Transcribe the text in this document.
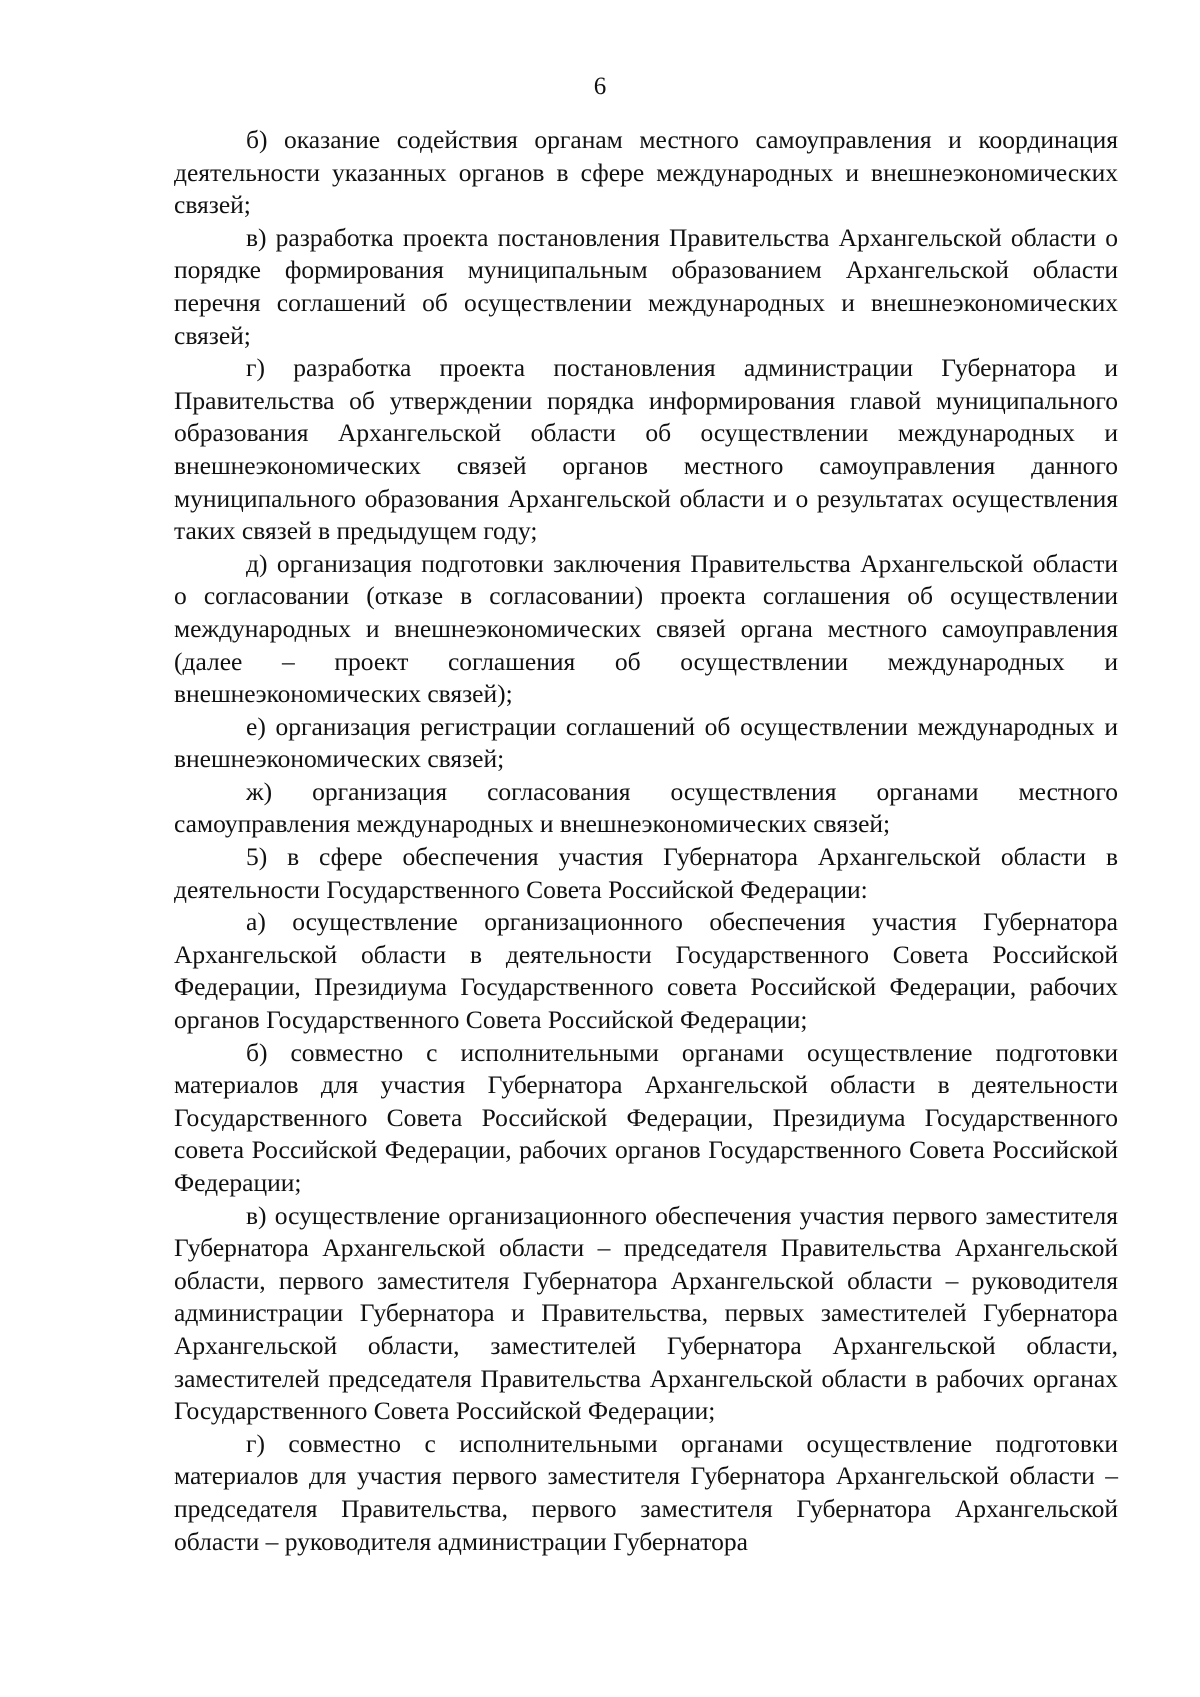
6

б) оказание содействия органам местного самоуправления и координация деятельности указанных органов в сфере международных и внешнеэкономических связей;

в) разработка проекта постановления Правительства Архангельской области о порядке формирования муниципальным образованием Архангельской области перечня соглашений об осуществлении международных и внешнеэкономических связей;

г) разработка проекта постановления администрации Губернатора и Правительства об утверждении порядка информирования главой муниципального образования Архангельской области об осуществлении международных и внешнеэкономических связей органов местного самоуправления данного муниципального образования Архангельской области и о результатах осуществления таких связей в предыдущем году;

д) организация подготовки заключения Правительства Архангельской области о согласовании (отказе в согласовании) проекта соглашения об осуществлении международных и внешнеэкономических связей органа местного самоуправления (далее – проект соглашения об осуществлении международных и внешнеэкономических связей);

е) организация регистрации соглашений об осуществлении международных и внешнеэкономических связей;

ж) организация согласования осуществления органами местного самоуправления международных и внешнеэкономических связей;

5) в сфере обеспечения участия Губернатора Архангельской области в деятельности Государственного Совета Российской Федерации:

а) осуществление организационного обеспечения участия Губернатора Архангельской области в деятельности Государственного Совета Российской Федерации, Президиума Государственного совета Российской Федерации, рабочих органов Государственного Совета Российской Федерации;

б) совместно с исполнительными органами осуществление подготовки материалов для участия Губернатора Архангельской области в деятельности Государственного Совета Российской Федерации, Президиума Государственного совета Российской Федерации, рабочих органов Государственного Совета Российской Федерации;

в) осуществление организационного обеспечения участия первого заместителя Губернатора Архангельской области – председателя Правительства Архангельской области, первого заместителя Губернатора Архангельской области – руководителя администрации Губернатора и Правительства, первых заместителей Губернатора Архангельской области, заместителей Губернатора Архангельской области, заместителей председателя Правительства Архангельской области в рабочих органах Государственного Совета Российской Федерации;

г) совместно с исполнительными органами осуществление подготовки материалов для участия первого заместителя Губернатора Архангельской области – председателя Правительства, первого заместителя Губернатора Архангельской области – руководителя администрации Губернатора
